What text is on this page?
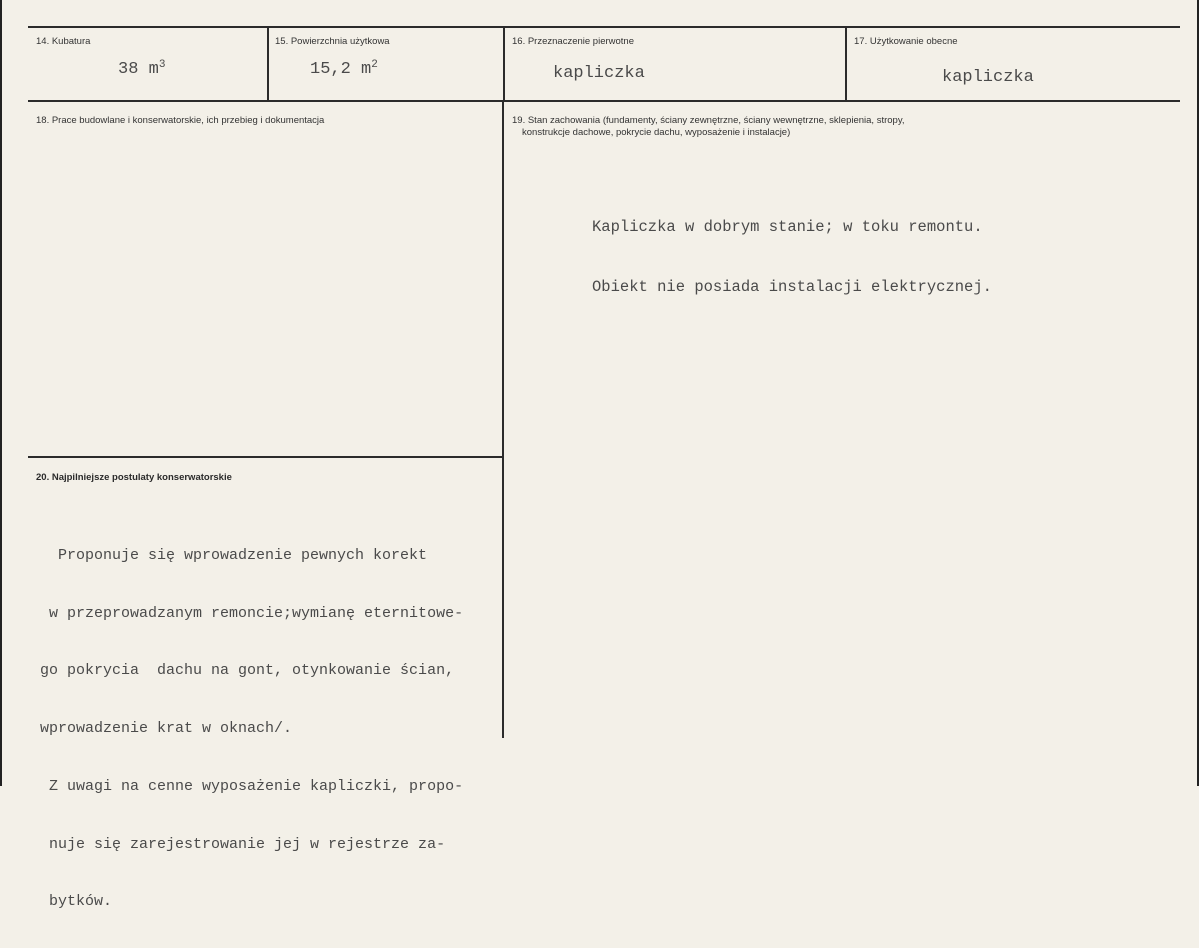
14. Kubatura
38 $m^3$
15. Powierzchnia użytkowa
15,2 $m^2$
16. Przeznaczenie pierwotne
kapliczka
17. Użytkowanie obecne
kapliczka
18. Prace budowlane i konserwatorskie, ich przebieg i dokumentacja	19. Stan zachowania (fundamenty, ściany zewnętrzne, ściany wewnętrzne, sklepienia, stropy,
konstrukcje dachowe, pokrycie dachu, wyposażenie i instalacje)

Kapliczka w dobrym stanie; w toku remontu.

Obiekt nie posiada instalacji elektrycznej.

20. Najpilniejsze postulaty konserwatorskie

Proponuje się wprowadzenie pewnych korekt

w przeprowadzanym remoncie;wymianę eternitowe-

go pokrycia  dachu na gont, otynkowanie ścian,

wprowadzenie krat w oknach/.

Z uwagi na cenne wyposażenie kapliczki, propo-

nuje się zarejestrowanie jej w rejestrze za-

bytków.
